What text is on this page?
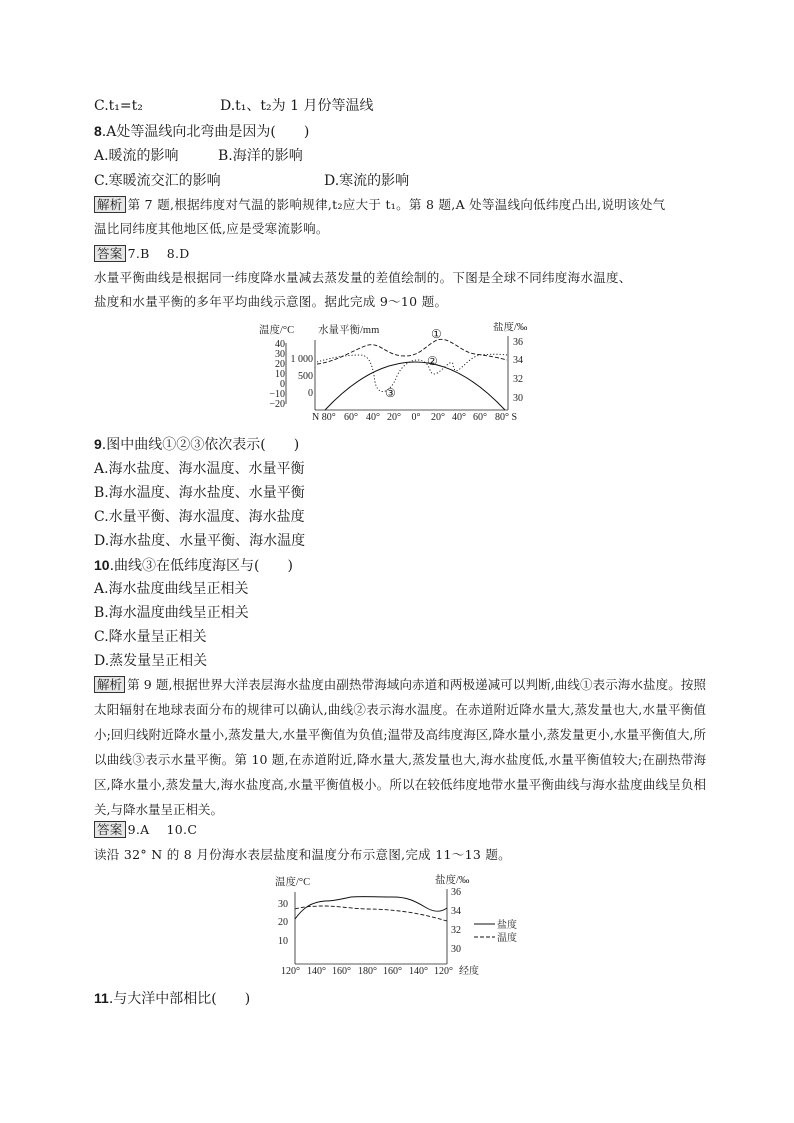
C.t₁=t₂	D.t₁、t₂为 1 月份等温线
8.A处等温线向北弯曲是因为(　　)
A.暖流的影响	B.海洋的影响
C.寒暖流交汇的影响	D.寒流的影响
解析 第 7 题,根据纬度对气温的影响规律,t₂应大于 t₁。第 8 题,A 处等温线向低纬度凸出,说明该处气
温比同纬度其他地区低,应是受寒流影响。
答案 7.B　 8.D
水量平衡曲线是根据同一纬度降水量减去蒸发量的差值绘制的。下图是全球不同纬度海水温度、
盐度和水量平衡的多年平均曲线示意图。据此完成 9～10 题。
温度/°C 水量平衡/mm	盐度/‰
40
30
20
10
0
−10
−20
1 000
500
0
36
34
32
30
N 80° 60° 40° 20° 0° 20° 40° 60° 80° S
①
②
③
9.图中曲线①②③依次表示(　　)
A.海水盐度、海水温度、水量平衡
B.海水温度、海水盐度、水量平衡
C.水量平衡、海水温度、海水盐度
D.海水盐度、水量平衡、海水温度
10.曲线③在低纬度海区与(　　)
A.海水盐度曲线呈正相关
B.海水温度曲线呈正相关
C.降水量呈正相关
D.蒸发量呈正相关
解析 第 9 题,根据世界大洋表层海水盐度由副热带海域向赤道和两极递减可以判断,曲线①表示海水盐度。按照太阳辐射在地球表面分布的规律可以确认,曲线②表示海水温度。在赤道附近降水量大,蒸发量也大,水量平衡值小;回归线附近降水量小,蒸发量大,水量平衡值为负值;温带及高纬度海区,降水量小,蒸发量更小,水量平衡值大,所以曲线③表示水量平衡。第 10 题,在赤道附近,降水量大,蒸发量也大,海水盐度低,水量平衡值较大;在副热带海区,降水量小,蒸发量大,海水盐度高,水量平衡值极小。所以在较低纬度地带水量平衡曲线与海水盐度曲线呈负相关,与降水量呈正相关。
答案 9.A　 10.C
读沿 32° N 的 8 月份海水表层盐度和温度分布示意图,完成 11～13 题。
温度/°C	盐度/‰
30
20
10
36
34
32
30
盐度
温度
120° 140° 160° 180° 160° 140° 120° 经度
11.与大洋中部相比(　　)
